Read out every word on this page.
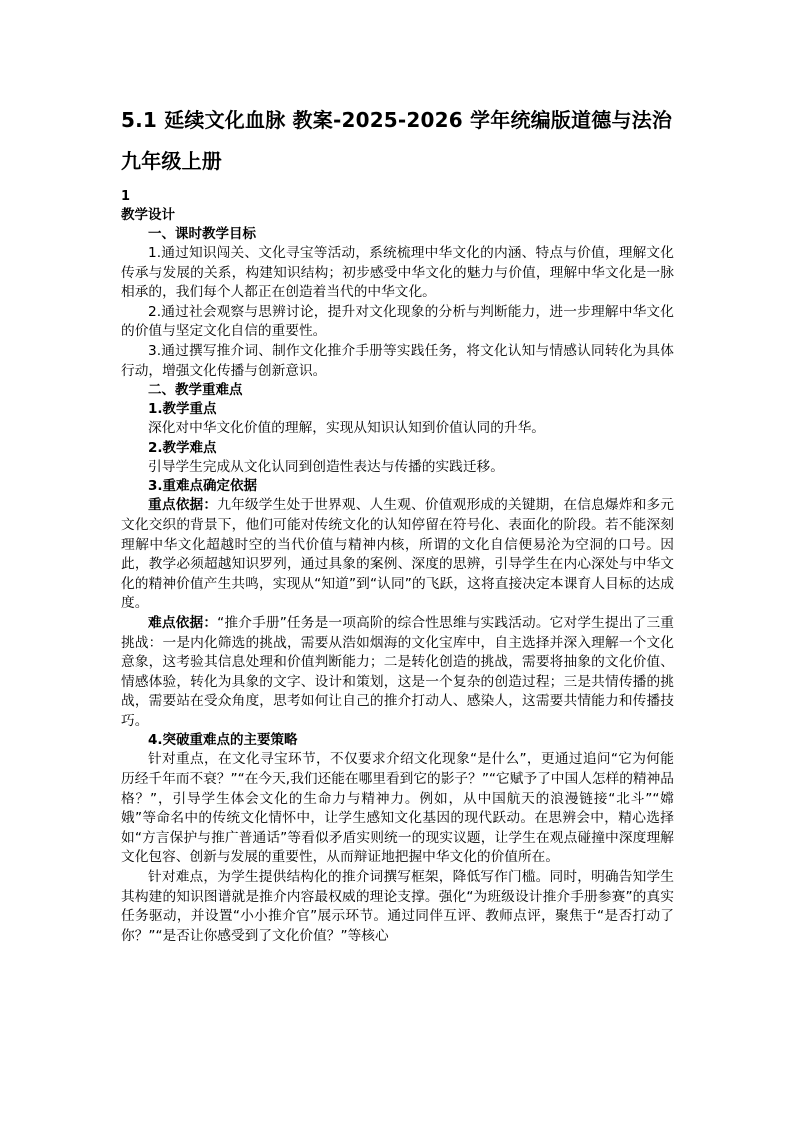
5.1 延续文化血脉 教案-2025-2026 学年统编版道德与法治九年级上册
1
教学设计
一、课时教学目标

1.通过知识闯关、文化寻宝等活动，系统梳理中华文化的内涵、特点与价值，理解文化传承与发展的关系，构建知识结构；初步感受中华文化的魅力与价值，理解中华文化是一脉相承的，我们每个人都正在创造着当代的中华文化。

2.通过社会观察与思辨讨论，提升对文化现象的分析与判断能力，进一步理解中华文化的价值与坚定文化自信的重要性。

3.通过撰写推介词、制作文化推介手册等实践任务，将文化认知与情感认同转化为具体行动，增强文化传播与创新意识。

二、教学重难点
1.教学重点

深化对中华文化价值的理解，实现从知识认知到价值认同的升华。

2.教学难点

引导学生完成从文化认同到创造性表达与传播的实践迁移。

3.重难点确定依据

重点依据：九年级学生处于世界观、人生观、价值观形成的关键期，在信息爆炸和多元文化交织的背景下，他们可能对传统文化的认知停留在符号化、表面化的阶段。若不能深刻理解中华文化超越时空的当代价值与精神内核，所谓的文化自信便易沦为空洞的口号。因此，教学必须超越知识罗列，通过具象的案例、深度的思辨，引导学生在内心深处与中华文化的精神价值产生共鸣，实现从“知道”到“认同”的飞跃，这将直接决定本课育人目标的达成度。

难点依据：“推介手册”任务是一项高阶的综合性思维与实践活动。它对学生提出了三重挑战：一是内化筛选的挑战，需要从浩如烟海的文化宝库中，自主选择并深入理解一个文化意象，这考验其信息处理和价值判断能力；二是转化创造的挑战，需要将抽象的文化价值、情感体验，转化为具象的文字、设计和策划，这是一个复杂的创造过程；三是共情传播的挑战，需要站在受众角度，思考如何让自己的推介打动人、感染人，这需要共情能力和传播技巧。

4.突破重难点的主要策略

针对重点，在文化寻宝环节，不仅要求介绍文化现象“是什么”，更通过追问“它为何能历经千年而不衰？”“在今天,我们还能在哪里看到它的影子？”“它赋予了中国人怎样的精神品格？”，引导学生体会文化的生命力与精神力。例如，从中国航天的浪漫链接“北斗”“嫦娥”等命名中的传统文化情怀中，让学生感知文化基因的现代跃动。在思辨会中，精心选择如“方言保护与推广普通话”等看似矛盾实则统一的现实议题，让学生在观点碰撞中深度理解文化包容、创新与发展的重要性，从而辩证地把握中华文化的价值所在。

针对难点，为学生提供结构化的推介词撰写框架，降低写作门槛。同时，明确告知学生其构建的知识图谱就是推介内容最权威的理论支撑。强化“为班级设计推介手册参赛”的真实任务驱动，并设置“小小推介官”展示环节。通过同伴互评、教师点评，聚焦于“是否打动了你？”“是否让你感受到了文化价值？”等核心
